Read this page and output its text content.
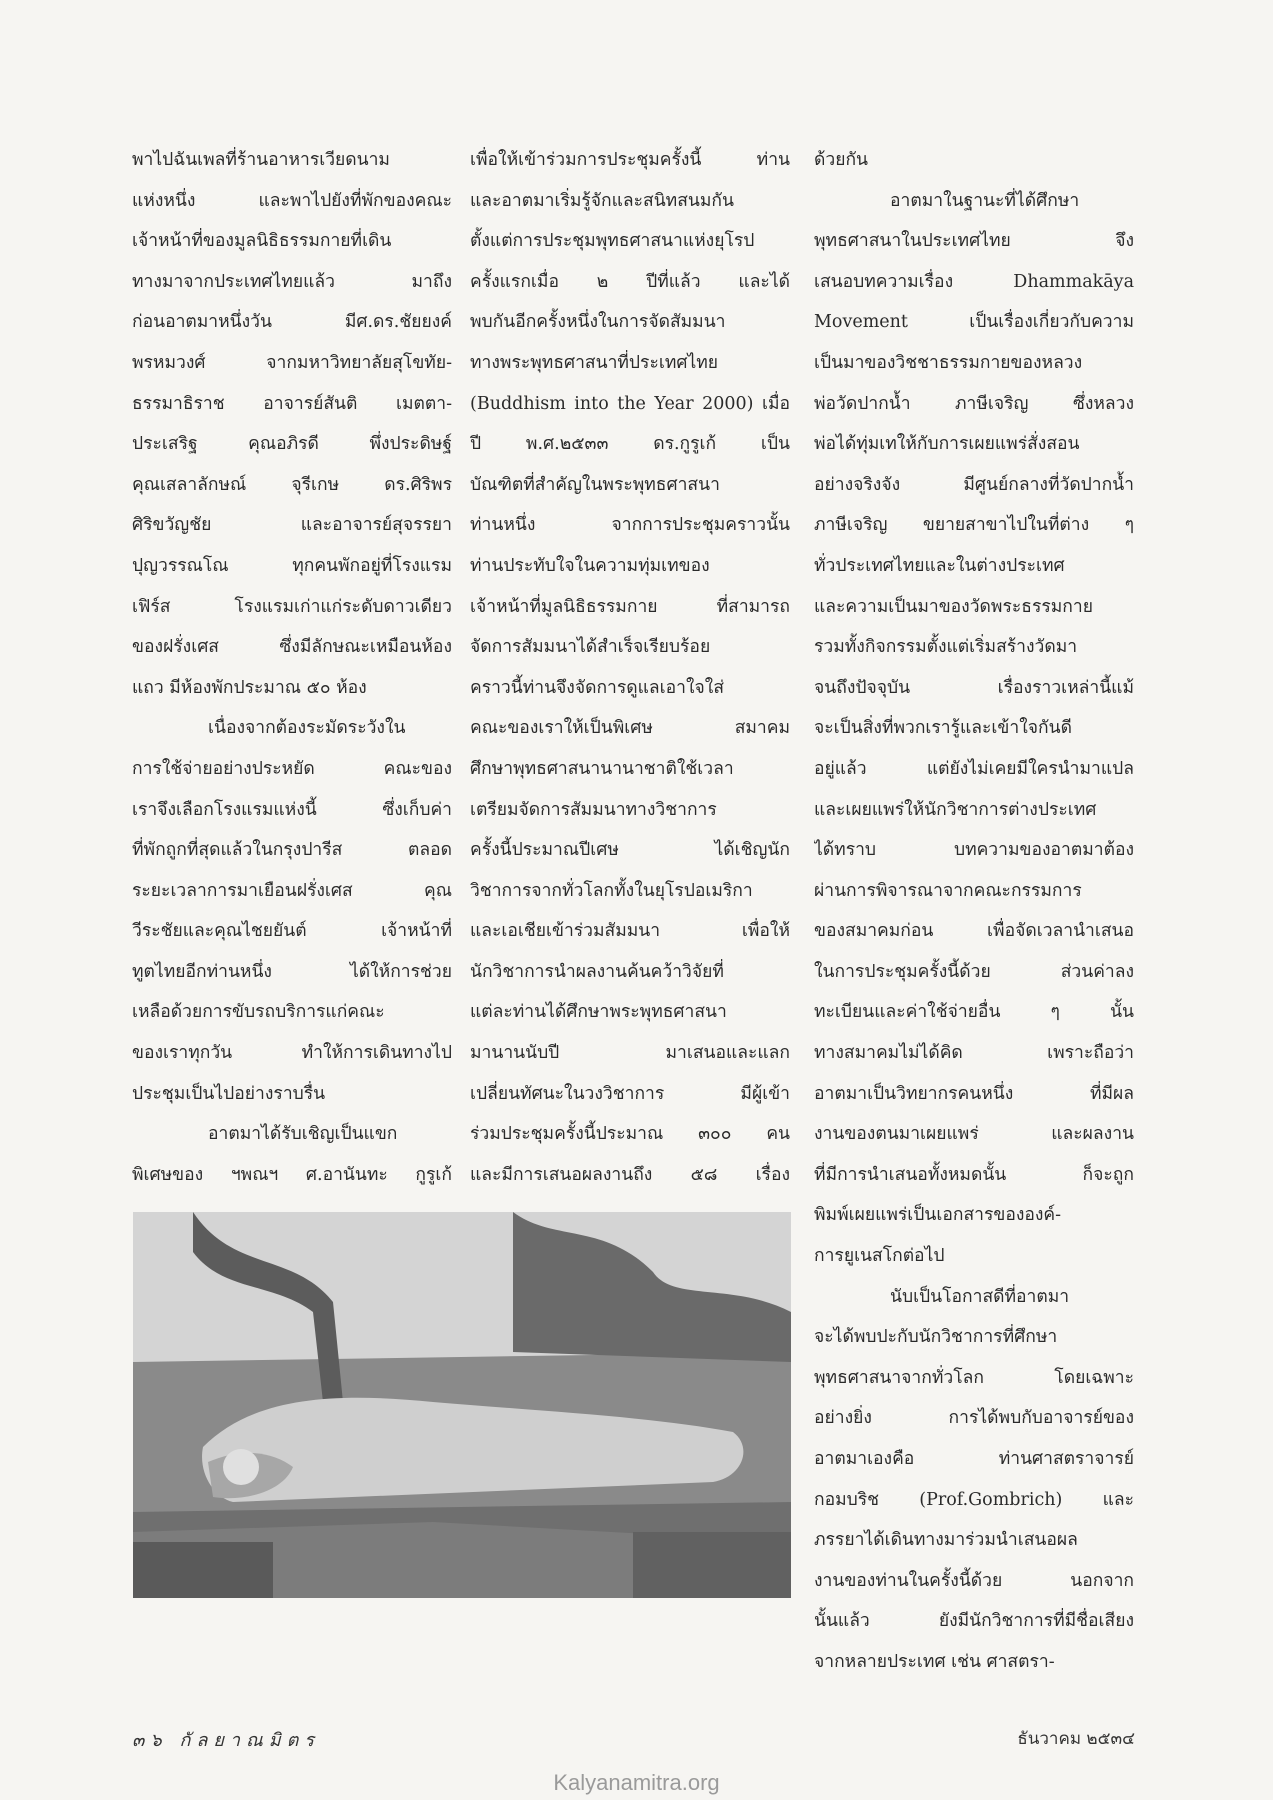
พาไปฉันเพลที่ร้านอาหารเวียดนาม
แห่งหนึ่ง และพาไปยังที่พักของคณะ
เจ้าหน้าที่ของมูลนิธิธรรมกายที่เดิน
ทางมาจากประเทศไทยแล้ว มาถึง
ก่อนอาตมาหนึ่งวัน มีศ.ดร.ชัยยงค์
พรหมวงศ์ จากมหาวิทยาลัยสุโขทัย-
ธรรมาธิราช อาจารย์สันติ เมตตา-
ประเสริฐ คุณอภิรดี พึ่งประดิษฐ์
คุณเสลาลักษณ์ จุรีเกษ ดร.ศิริพร
ศิริขวัญชัย และอาจารย์สุจรรยา
ปุญวรรณโณ ทุกคนพักอยู่ที่โรงแรม
เฟิร์ส โรงแรมเก่าแก่ระดับดาวเดียว
ของฝรั่งเศส ซึ่งมีลักษณะเหมือนห้อง
แถว มีห้องพักประมาณ ๕๐ ห้อง
เนื่องจากต้องระมัดระวังใน
การใช้จ่ายอย่างประหยัด คณะของ
เราจึงเลือกโรงแรมแห่งนี้ ซึ่งเก็บค่า
ที่พักถูกที่สุดแล้วในกรุงปารีส ตลอด
ระยะเวลาการมาเยือนฝรั่งเศส คุณ
วีระชัยและคุณไชยยันต์ เจ้าหน้าที่
ทูตไทยอีกท่านหนึ่ง ได้ให้การช่วย
เหลือด้วยการขับรถบริการแก่คณะ
ของเราทุกวัน ทำให้การเดินทางไป
ประชุมเป็นไปอย่างราบรื่น
อาตมาได้รับเชิญเป็นแขก
พิเศษของ ฯพณฯ ศ.อานันทะ กูรูเก้
เพื่อให้เข้าร่วมการประชุมครั้งนี้ ท่าน
และอาตมาเริ่มรู้จักและสนิทสนมกัน
ตั้งแต่การประชุมพุทธศาสนาแห่งยุโรป
ครั้งแรกเมื่อ ๒ ปีที่แล้ว และได้
พบกันอีกครั้งหนึ่งในการจัดสัมมนา
ทางพระพุทธศาสนาที่ประเทศไทย
(Buddhism into the Year 2000) เมื่อ
ปี พ.ศ.๒๕๓๓ ดร.กูรูเก้ เป็น
บัณฑิตที่สำคัญในพระพุทธศาสนา
ท่านหนึ่ง จากการประชุมคราวนั้น
ท่านประทับใจในความทุ่มเทของ
เจ้าหน้าที่มูลนิธิธรรมกาย ที่สามารถ
จัดการสัมมนาได้สำเร็จเรียบร้อย
คราวนี้ท่านจึงจัดการดูแลเอาใจใส่
คณะของเราให้เป็นพิเศษ สมาคม
ศึกษาพุทธศาสนานานาชาติใช้เวลา
เตรียมจัดการสัมมนาทางวิชาการ
ครั้งนี้ประมาณปีเศษ ได้เชิญนัก
วิชาการจากทั่วโลกทั้งในยุโรปอเมริกา
และเอเชียเข้าร่วมสัมมนา เพื่อให้
นักวิชาการนำผลงานค้นคว้าวิจัยที่
แต่ละท่านได้ศึกษาพระพุทธศาสนา
มานานนับปี มาเสนอและแลก
เปลี่ยนทัศนะในวงวิชาการ มีผู้เข้า
ร่วมประชุมครั้งนี้ประมาณ ๓๐๐ คน
และมีการเสนอผลงานถึง ๕๘ เรื่อง
ด้วยกัน
อาตมาในฐานะที่ได้ศึกษา
พุทธศาสนาในประเทศไทย จึง
เสนอบทความเรื่อง Dhammakāya
Movement เป็นเรื่องเกี่ยวกับความ
เป็นมาของวิชชาธรรมกายของหลวง
พ่อวัดปากน้ำ ภาษีเจริญ ซึ่งหลวง
พ่อได้ทุ่มเทให้กับการเผยแพร่สั่งสอน
อย่างจริงจัง มีศูนย์กลางที่วัดปากน้ำ
ภาษีเจริญ ขยายสาขาไปในที่ต่าง ๆ
ทั่วประเทศไทยและในต่างประเทศ
และความเป็นมาของวัดพระธรรมกาย
รวมทั้งกิจกรรมตั้งแต่เริ่มสร้างวัดมา
จนถึงปัจจุบัน เรื่องราวเหล่านี้แม้
จะเป็นสิ่งที่พวกเรารู้และเข้าใจกันดี
อยู่แล้ว แต่ยังไม่เคยมีใครนำมาแปล
และเผยแพร่ให้นักวิชาการต่างประเทศ
ได้ทราบ บทความของอาตมาต้อง
ผ่านการพิจารณาจากคณะกรรมการ
ของสมาคมก่อน เพื่อจัดเวลานำเสนอ
ในการประชุมครั้งนี้ด้วย ส่วนค่าลง
ทะเบียนและค่าใช้จ่ายอื่น ๆ นั้น
ทางสมาคมไม่ได้คิด เพราะถือว่า
อาตมาเป็นวิทยากรคนหนึ่ง ที่มีผล
งานของตนมาเผยแพร่ และผลงาน
ที่มีการนำเสนอทั้งหมดนั้น ก็จะถูก
พิมพ์เผยแพร่เป็นเอกสารขององค์-
การยูเนสโกต่อไป
นับเป็นโอกาสดีที่อาตมา
จะได้พบปะกับนักวิชาการที่ศึกษา
พุทธศาสนาจากทั่วโลก โดยเฉพาะ
อย่างยิ่ง การได้พบกับอาจารย์ของ
อาตมาเองคือ ท่านศาสตราจารย์
กอมบริช (Prof.Gombrich) และ
ภรรยาได้เดินทางมาร่วมนำเสนอผล
งานของท่านในครั้งนี้ด้วย นอกจาก
นั้นแล้ว ยังมีนักวิชาการที่มีชื่อเสียง
จากหลายประเทศ เช่น ศาสตรา-
๓๖ กัลยาณมิตร	ธันวาคม ๒๕๓๔
Kalyanamitra.org
